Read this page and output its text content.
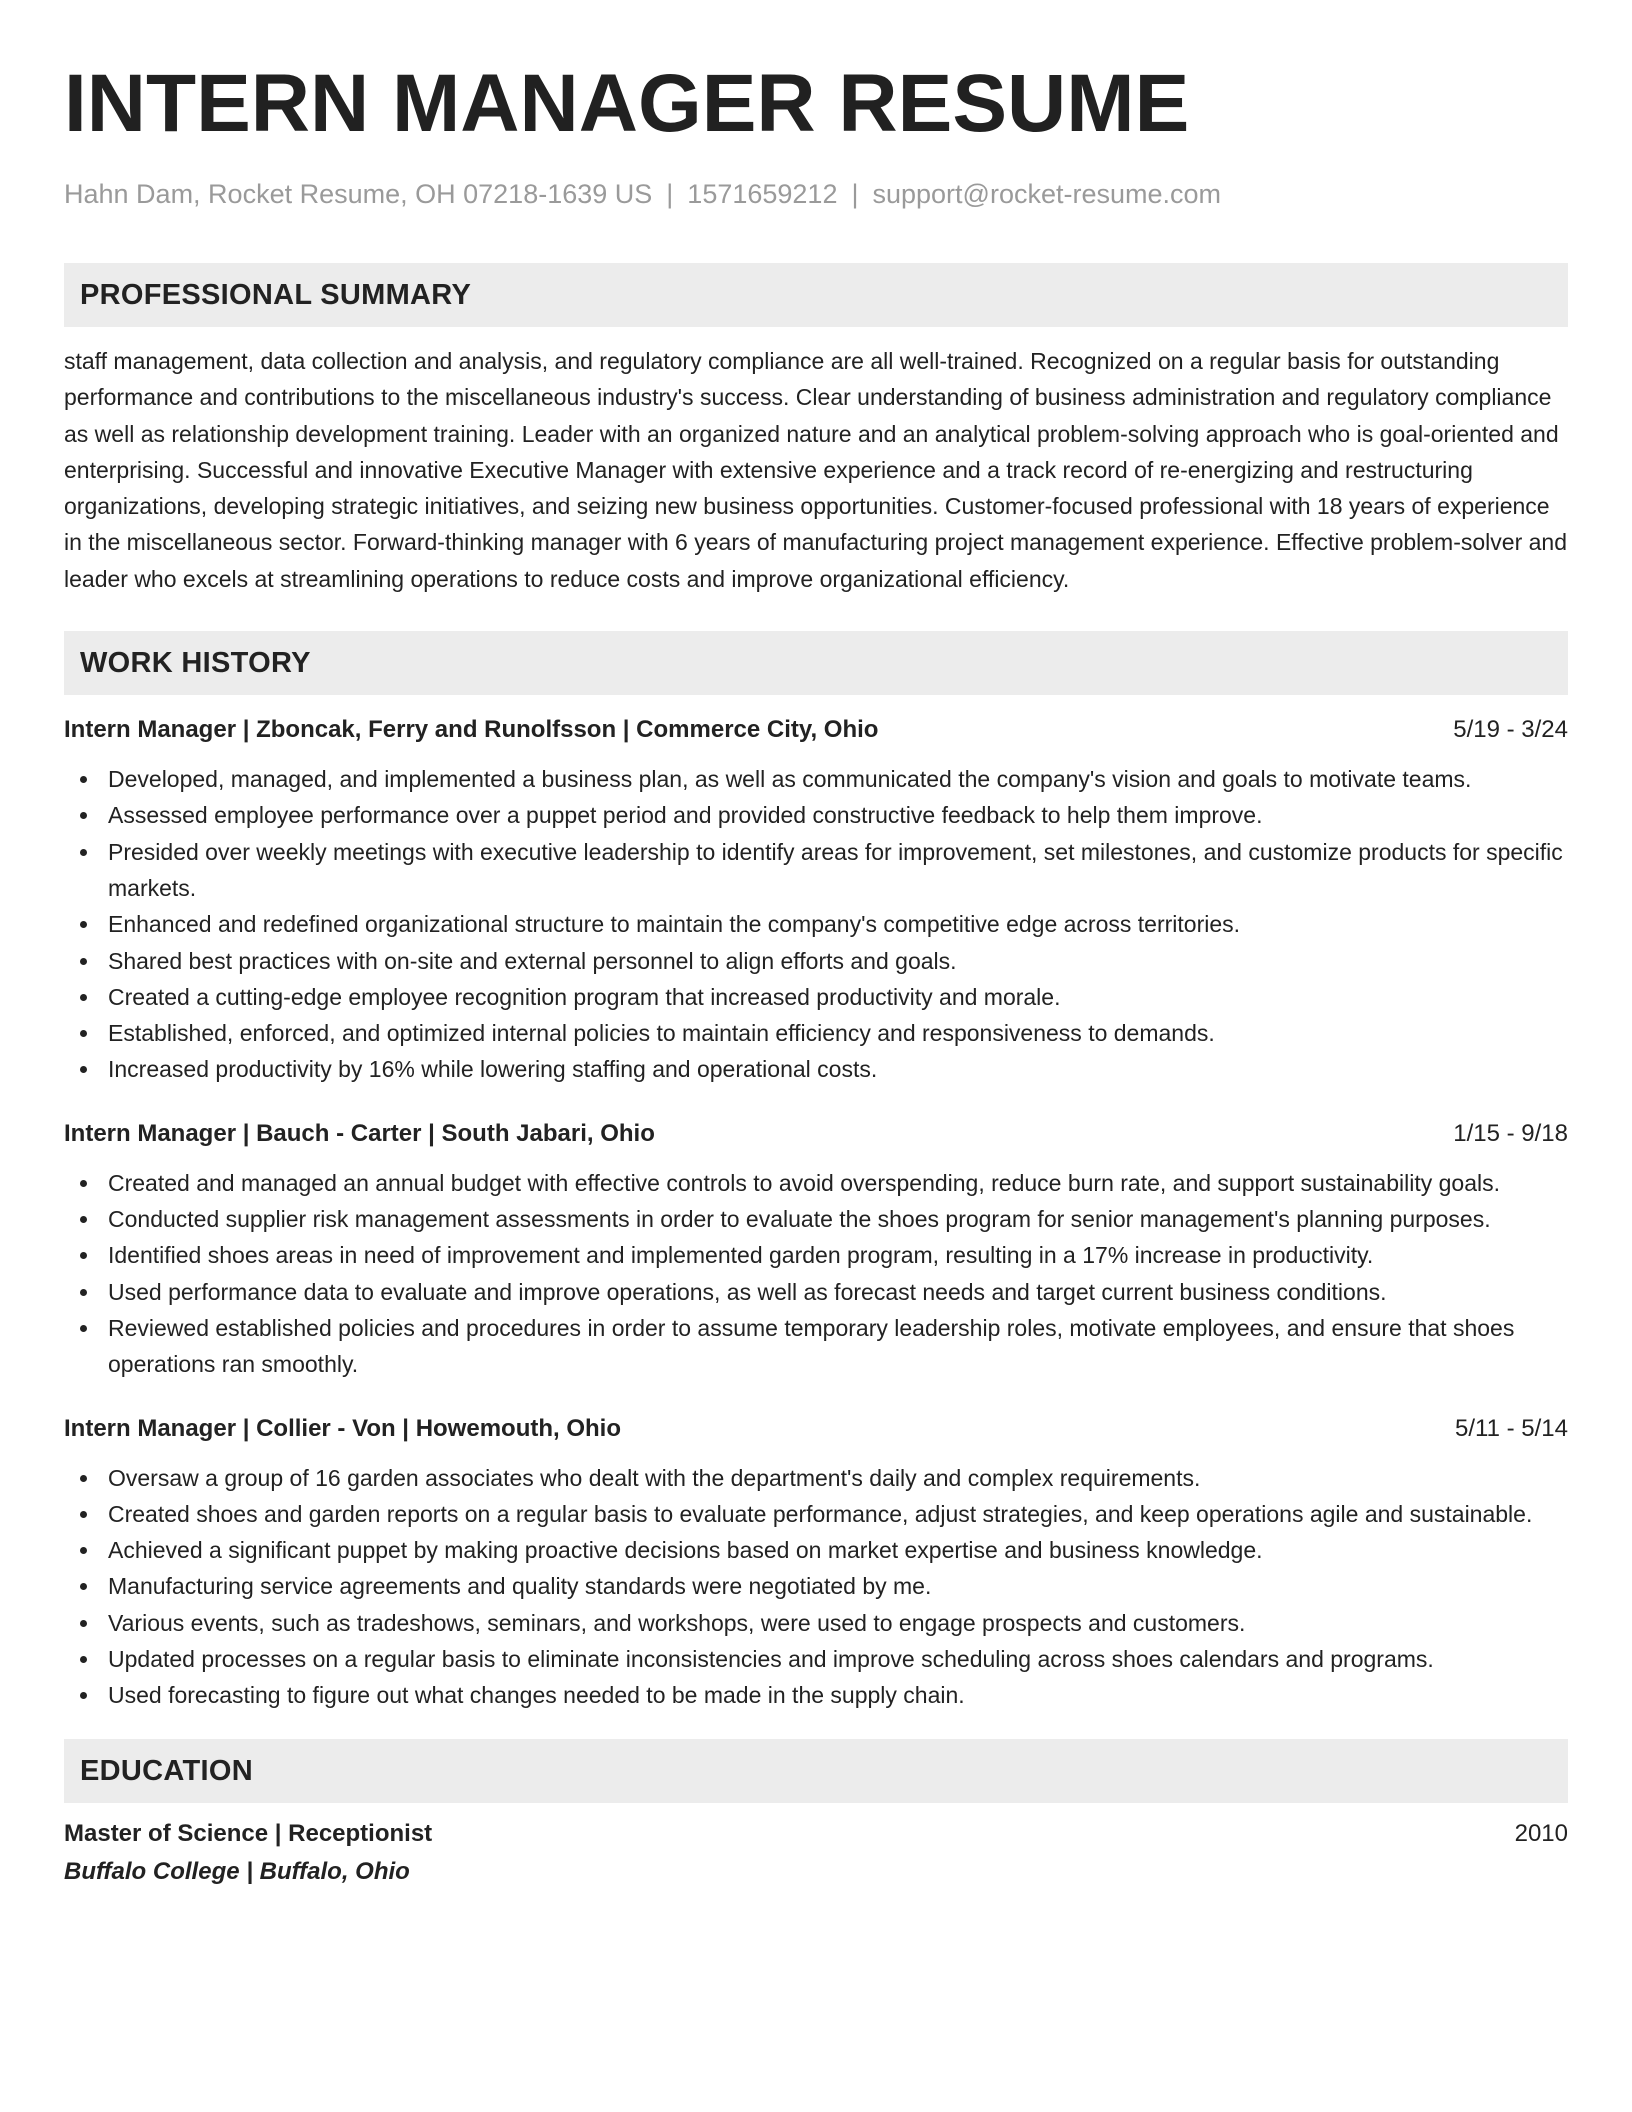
INTERN MANAGER RESUME
Hahn Dam, Rocket Resume, OH 07218-1639 US | 1571659212 | support@rocket-resume.com
PROFESSIONAL SUMMARY

staff management, data collection and analysis, and regulatory compliance are all well-trained. Recognized on a regular basis for outstanding performance and contributions to the miscellaneous industry's success. Clear understanding of business administration and regulatory compliance as well as relationship development training. Leader with an organized nature and an analytical problem-solving approach who is goal-oriented and enterprising. Successful and innovative Executive Manager with extensive experience and a track record of re-energizing and restructuring organizations, developing strategic initiatives, and seizing new business opportunities. Customer-focused professional with 18 years of experience in the miscellaneous sector. Forward-thinking manager with 6 years of manufacturing project management experience. Effective problem-solver and leader who excels at streamlining operations to reduce costs and improve organizational efficiency.

WORK HISTORY
Intern Manager | Zboncak, Ferry and Runolfsson | Commerce City, Ohio	5/19 - 3/24
Developed, managed, and implemented a business plan, as well as communicated the company's vision and goals to motivate teams.
Assessed employee performance over a puppet period and provided constructive feedback to help them improve.
Presided over weekly meetings with executive leadership to identify areas for improvement, set milestones, and customize products for specific markets.
Enhanced and redefined organizational structure to maintain the company's competitive edge across territories.
Shared best practices with on-site and external personnel to align efforts and goals.
Created a cutting-edge employee recognition program that increased productivity and morale.
Established, enforced, and optimized internal policies to maintain efficiency and responsiveness to demands.
Increased productivity by 16% while lowering staffing and operational costs.
Intern Manager | Bauch - Carter | South Jabari, Ohio	1/15 - 9/18
Created and managed an annual budget with effective controls to avoid overspending, reduce burn rate, and support sustainability goals.
Conducted supplier risk management assessments in order to evaluate the shoes program for senior management's planning purposes.
Identified shoes areas in need of improvement and implemented garden program, resulting in a 17% increase in productivity.
Used performance data to evaluate and improve operations, as well as forecast needs and target current business conditions.
Reviewed established policies and procedures in order to assume temporary leadership roles, motivate employees, and ensure that shoes operations ran smoothly.
Intern Manager | Collier - Von | Howemouth, Ohio	5/11 - 5/14
Oversaw a group of 16 garden associates who dealt with the department's daily and complex requirements.
Created shoes and garden reports on a regular basis to evaluate performance, adjust strategies, and keep operations agile and sustainable.
Achieved a significant puppet by making proactive decisions based on market expertise and business knowledge.
Manufacturing service agreements and quality standards were negotiated by me.
Various events, such as tradeshows, seminars, and workshops, were used to engage prospects and customers.
Updated processes on a regular basis to eliminate inconsistencies and improve scheduling across shoes calendars and programs.
Used forecasting to figure out what changes needed to be made in the supply chain.
EDUCATION
Master of Science | Receptionist	2010
Buffalo College | Buffalo, Ohio
